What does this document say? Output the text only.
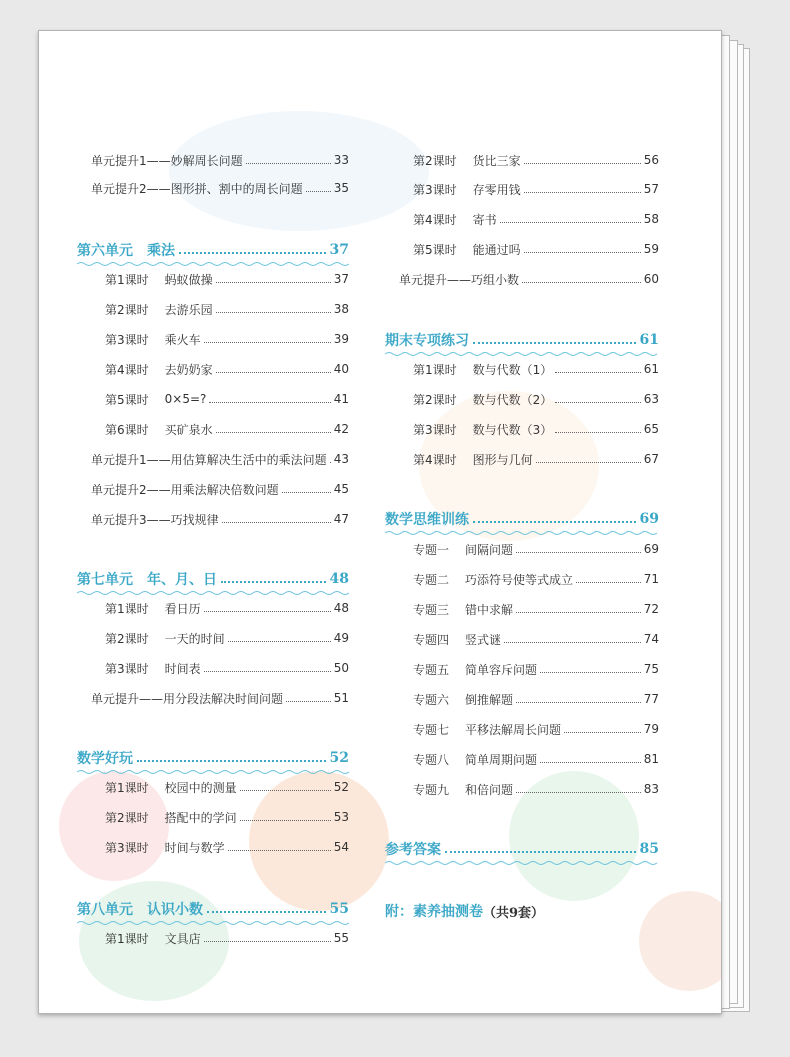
单元提升1——妙解周长问题	33
单元提升2——图形拼、割中的周长问题	35
第六单元　乘法	37
第1课时 蚂蚁做操	37
第2课时 去游乐园	38
第3课时 乘火车	39
第4课时 去奶奶家	40
第5课时 0×5=?	41
第6课时 买矿泉水	42
单元提升1——用估算解决生活中的乘法问题 43
单元提升2——用乘法解决倍数问题	45
单元提升3——巧找规律	47
第七单元　年、月、日	48
第1课时 看日历	48
第2课时 一天的时间	49
第3课时 时间表	50
单元提升——用分段法解决时间问题	51
数学好玩	52
第1课时 校园中的测量	52
第2课时 搭配中的学问	53
第3课时 时间与数学	54
第八单元　认识小数	55
第1课时 文具店	55
第2课时 货比三家	56
第3课时 存零用钱	57
第4课时 寄书	58
第5课时 能通过吗	59
单元提升——巧组小数	60
期末专项练习	61
第1课时 数与代数（1）	61
第2课时 数与代数（2）	63
第3课时 数与代数（3）	65
第4课时 图形与几何	67
数学思维训练	69
专题一 间隔问题	69
专题二 巧添符号使等式成立	71
专题三 错中求解	72
专题四 竖式谜	74
专题五 简单容斥问题	75
专题六 倒推解题	77
专题七 平移法解周长问题	79
专题八 简单周期问题	81
专题九 和倍问题	83
参考答案	85
附：素养抽测卷 （共9套）
